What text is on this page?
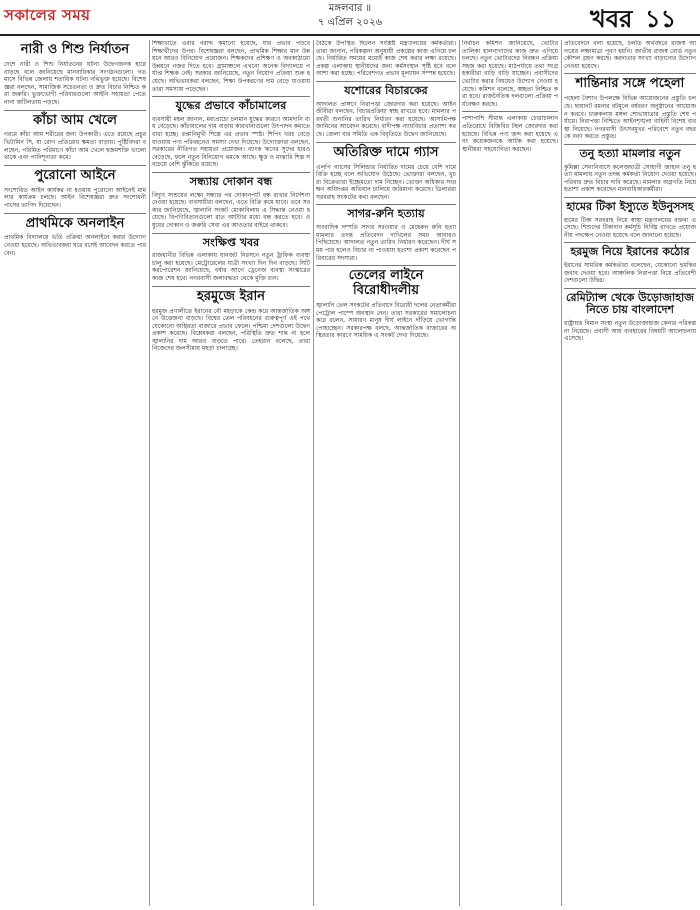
সকালের সময়	মঙ্গলবার ॥
৭ এপ্রিল ২০২৬	খবর ১১
নারী ও শিশু নির্যাতন

দেশে নারী ও শিশু নির্যাতনের ঘটনা উদ্বেগজনক হারে বাড়ছে বলে জানিয়েছে মানবাধিকার সংগঠনগুলো। গত মাসে বিভিন্ন জেলায় শতাধিক ঘটনা নথিভুক্ত হয়েছে। বিশেষজ্ঞরা বলছেন, সামাজিক সচেতনতা ও দ্রুত বিচার নিশ্চিত করা জরুরি। ভুক্তভোগী পরিবারগুলো আইনি সহায়তা পেতে নানা জটিলতায় পড়ছে।

কাঁচা আম খেলে

গরমে কাঁচা আম শরীরের জন্য উপকারী। এতে রয়েছে প্রচুর ভিটামিন সি, যা রোগ প্রতিরোধ ক্ষমতা বাড়ায়। পুষ্টিবিদরা বলছেন, পরিমিত পরিমাণে কাঁচা আম খেলে হজমশক্তি ভালো থাকে এবং পানিশূন্যতা কমে।

পুরোনো আইনে

সংশোধিত আইন কার্যকর না হওয়ায় পুরোনো আইনেই মামলার কার্যক্রম চলছে। আইন বিশেষজ্ঞরা দ্রুত সংশোধনী পাসের তাগিদ দিয়েছেন।

প্রাথমিকে অনলাইন

প্রাথমিক বিদ্যালয়ে ভর্তি প্রক্রিয়া অনলাইনে করার উদ্যোগ নেওয়া হয়েছে। অভিভাবকরা ঘরে বসেই আবেদন করতে পারবেন।

শিক্ষাখাতে এবার বরাদ্দ কমানো হয়েছে, যার প্রভাব পড়বে শিক্ষার্থীদের উপর। বিশেষজ্ঞরা বলছেন, প্রাথমিক শিক্ষার মান উন্নয়নে আরও বিনিয়োগ প্রয়োজন। শিক্ষকদের প্রশিক্ষণ ও অবকাঠামো উন্নয়নে নজর দিতে হবে। গ্রামাঞ্চলে এখনো অনেক বিদ্যালয়ে পর্যাপ্ত শিক্ষক নেই। সরকার জানিয়েছে, নতুন নিয়োগ প্রক্রিয়া শুরু হয়েছে। অভিভাবকরা বলছেন, শিক্ষা উপকরণের দাম বেড়ে যাওয়ায় তারা সমস্যায় পড়েছেন।

যুদ্ধের প্রভাবে কাঁচামালের

ব্যবসায়ী মহল জানান, মধ্যপ্রাচ্যে চলমান যুদ্ধের কারণে আমদানি ব্যয় বেড়েছে। কাঁচামালের দাম বাড়ায় কারখানাগুলো উৎপাদন কমাতে বাধ্য হচ্ছে। রপ্তানিমুখী শিল্পে এর প্রভাব স্পষ্ট। শিপিং খরচ বেড়ে যাওয়ায় পণ্য পরিবহনেও সমস্যা দেখা দিয়েছে। উদ্যোক্তারা বলছেন, সরকারের নীতিগত সহায়তা প্রয়োজন। ব্যাংক ঋণের সুদের হারও বেড়েছে, ফলে নতুন বিনিয়োগ থমকে আছে। ক্ষুদ্র ও মাঝারি শিল্প সবচেয়ে বেশি ঝুঁকিতে রয়েছে।

সন্ধ্যায় দোকান বন্ধ

বিদ্যুৎ সাশ্রয়ের লক্ষ্যে সন্ধ্যার পর দোকানপাট বন্ধ রাখার নির্দেশনা দেওয়া হয়েছে। ব্যবসায়ীরা বলছেন, এতে বিক্রি কমে যাবে। তবে সরকার জানিয়েছে, জ্বালানি সংকট মোকাবিলায় এ সিদ্ধান্ত নেওয়া হয়েছে। বিপণিবিতানগুলো রাত আটটার মধ্যে বন্ধ করতে হবে। ওষুধের দোকান ও জরুরি সেবা এর আওতার বাইরে থাকবে।

সংক্ষিপ্ত খবর

রাজধানীর বিভিন্ন এলাকায় যানজট নিরসনে নতুন ট্রাফিক ব্যবস্থা চালু করা হয়েছে। মেট্রোরেলের যাত্রী সংখ্যা দিন দিন বাড়ছে। সিটি করপোরেশন জানিয়েছে, বর্ষার আগে ড্রেনেজ ব্যবস্থা সংস্কারের কাজ শেষ হবে। নগরবাসী জলাবদ্ধতা থেকে মুক্তি চান।

হরমুজে ইরান

হরমুজ প্রণালীতে ইরানের নৌ মহড়াকে কেন্দ্র করে আন্তর্জাতিক অঙ্গনে উত্তেজনা বাড়ছে। বিশ্বের তেল পরিবহনের গুরুত্বপূর্ণ এই পথে যেকোনো অস্থিরতা বাজারে প্রভাব ফেলে। পশ্চিমা দেশগুলো উদ্বেগ প্রকাশ করেছে। বিশ্লেষকরা বলছেন, পরিস্থিতি দ্রুত শান্ত না হলে জ্বালানির দাম আরও বাড়তে পারে। তেহরান বলেছে, তারা নিজেদের জলসীমায় মহড়া চালাচ্ছে।

বৈঠকে উপস্থিত ছিলেন সংশ্লিষ্ট মন্ত্রণালয়ের কর্মকর্তারা। তারা জানান, পরিকল্পনা অনুযায়ী প্রকল্পের কাজ এগিয়ে চলছে। নির্ধারিত সময়ের মধ্যেই কাজ শেষ করার লক্ষ্য রয়েছে। প্রকল্প এলাকায় স্থানীয়দের জন্য কর্মসংস্থান সৃষ্টি হবে বলে আশা করা হচ্ছে। পরিবেশগত প্রভাব মূল্যায়ন সম্পন্ন হয়েছে।

যশোরের বিচারকের

আদালত প্রাঙ্গণে নিরাপত্তা জোরদার করা হয়েছে। আইনজীবীরা বলছেন, বিচারপ্রক্রিয়া স্বচ্ছ রাখতে হবে। মামলার পরবর্তী শুনানির তারিখ নির্ধারণ করা হয়েছে। আসামিপক্ষ জামিনের আবেদন করেছে। বাদীপক্ষ ন্যায়বিচার প্রত্যাশা করছে। জেলা বার সমিতি এক বিবৃতিতে উদ্বেগ জানিয়েছে।

অতিরিক্ত দামে গ্যাস

এলপি গ্যাসের সিলিন্ডার নির্ধারিত দামের চেয়ে বেশি দামে বিক্রি হচ্ছে বলে অভিযোগ উঠেছে। ভোক্তারা বলছেন, খুচরা বিক্রেতারা ইচ্ছেমতো দাম নিচ্ছেন। ভোক্তা অধিকার সংরক্ষণ অধিদপ্তর অভিযান চালিয়ে জরিমানা করেছে। ডিলাররা সরবরাহ সংকটের কথা বলছেন।

সাগর-রুনি হত্যায়

সাংবাদিক দম্পতি সাগর সরওয়ার ও মেহেরুন রুনি হত্যা মামলার তদন্ত প্রতিবেদন দাখিলের সময় আবারও পিছিয়েছে। আদালত নতুন তারিখ নির্ধারণ করেছেন। দীর্ঘ সময় পার হলেও বিচার না পাওয়ায় হতাশা প্রকাশ করেছেন পরিবারের সদস্যরা।

তেলের লাইনে বিরোধীদলীয়

জ্বালানি তেল সংকটের প্রতিবাদে বিরোধী দলের নেতাকর্মীরা পেট্রোল পাম্পে অবস্থান নেন। তারা সরকারের সমালোচনা করে বলেন, সাধারণ মানুষ দীর্ঘ লাইনে দাঁড়িয়ে ভোগান্তি পোহাচ্ছেন। সরকারপক্ষ বলছে, আন্তর্জাতিক বাজারের অস্থিরতার কারণে সাময়িক এ সংকট দেখা দিয়েছে।

নির্বাচন কমিশন জানিয়েছে, ভোটার তালিকা হালনাগাদের কাজ দ্রুত এগিয়ে চলছে। নতুন ভোটারদের নিবন্ধন প্রক্রিয়া সহজ করা হয়েছে। মাঠপর্যায়ে তথ্য সংগ্রহকারীরা বাড়ি বাড়ি যাচ্ছেন। প্রবাসীদের ভোটার করার বিষয়েও উদ্যোগ নেওয়া হয়েছে। কমিশন বলেছে, স্বচ্ছতা নিশ্চিত করা হবে। রাজনৈতিক দলগুলো প্রক্রিয়া পর্যবেক্ষণ করছে।

পাশাপাশি সীমান্ত এলাকায় চোরাচালান প্রতিরোধে বিজিবির টহল জোরদার করা হয়েছে। বিভিন্ন পণ্য জব্দ করা হয়েছে এবং কয়েকজনকে আটক করা হয়েছে। স্থানীয়রা সহযোগিতা করছেন।

প্রতিবেদনে বলা হয়েছে, চলতি অর্থবছরে রাজস্ব আদায়ের লক্ষ্যমাত্রা পূরণ হয়নি। জাতীয় রাজস্ব বোর্ড নতুন কৌশল গ্রহণ করছে। করদাতার সংখ্যা বাড়ানোর উদ্যোগ নেওয়া হয়েছে।

শান্তিনার সঙ্গে পহেলা

পহেলা বৈশাখ উপলক্ষে বিভিন্ন আয়োজনের প্রস্তুতি চলছে। ছায়ানট রমনার বটমূলে বর্ষবরণ অনুষ্ঠানের আয়োজন করবে। চারুকলায় মঙ্গল শোভাযাত্রার প্রস্তুতি শেষ পর্যায়ে। নিরাপত্তা নিশ্চিতে আইনশৃঙ্খলা বাহিনী বিশেষ ব্যবস্থা নিয়েছে। নগরবাসী উৎসবমুখর পরিবেশে নতুন বছরকে বরণ করতে প্রস্তুত।

তনু হত্যা মামলার নতুন

কুমিল্লা সেনানিবাসে কলেজছাত্রী সোহাগী জাহান তনু হত্যা মামলায় নতুন তদন্ত কর্মকর্তা নিয়োগ দেওয়া হয়েছে। পরিবার দ্রুত বিচার দাবি করেছে। মামলার অগ্রগতি নিয়ে হতাশা প্রকাশ করেছেন মানবাধিকারকর্মীরা।

হামের টিকা ইস্যুতে ইউনুসসহ

হামের টিকা সরবরাহ নিয়ে স্বাস্থ্য মন্ত্রণালয়ের বক্তব্য এসেছে। শিশুদের টিকাদান কর্মসূচি নির্বিঘ্ন রাখতে প্রয়োজনীয় পদক্ষেপ নেওয়া হয়েছে বলে জানানো হয়েছে।

হরমুজ নিয়ে ইরানের কঠোর

ইরানের সামরিক কর্মকর্তারা বলেছেন, যেকোনো হুমকির জবাব দেওয়া হবে। আঞ্চলিক নিরাপত্তা নিয়ে প্রতিবেশী দেশগুলো উদ্বিগ্ন।

রেমিট্যান্স থেকে উড়োজাহাজ নিতে চায় বাংলাদেশ

রাষ্ট্রায়ত্ত বিমান সংস্থা নতুন উড়োজাহাজ কেনার পরিকল্পনা নিয়েছে। প্রবাসী আয় ব্যবহারের বিষয়টি আলোচনায় এসেছে।
